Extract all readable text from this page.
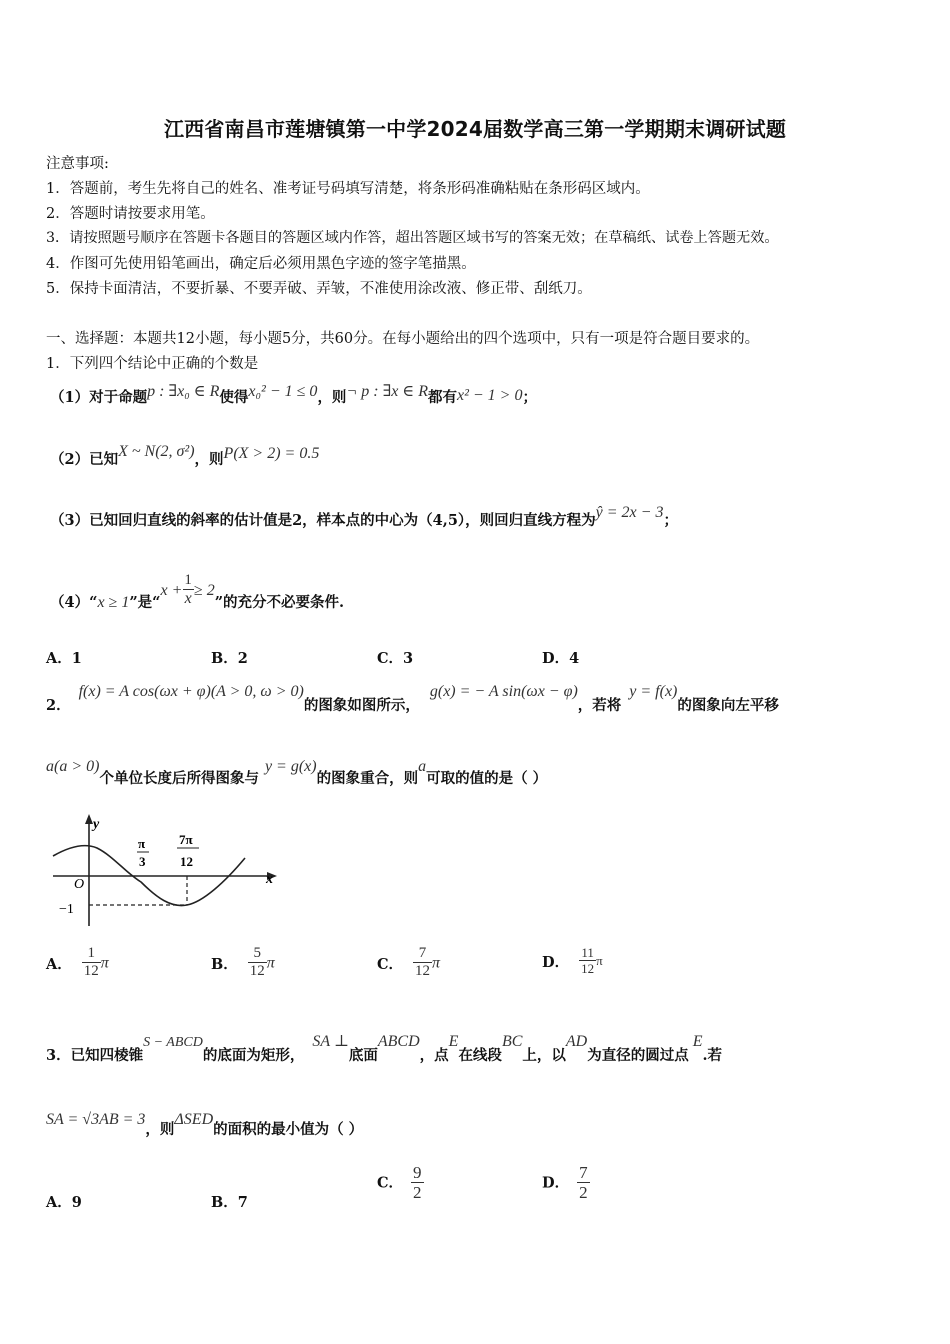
江西省南昌市莲塘镇第一中学2024届数学高三第一学期期末调研试题
注意事项:
1．答题前，考生先将自己的姓名、准考证号码填写清楚，将条形码准确粘贴在条形码区域内。
2．答题时请按要求用笔。
3．请按照题号顺序在答题卡各题目的答题区域内作答，超出答题区域书写的答案无效；在草稿纸、试卷上答题无效。
4．作图可先使用铅笔画出，确定后必须用黑色字迹的签字笔描黑。
5．保持卡面清洁，不要折暴、不要弄破、弄皱，不准使用涂改液、修正带、刮纸刀。
一、选择题：本题共12小题，每小题5分，共60分。在每小题给出的四个选项中，只有一项是符合题目要求的。
1．下列四个结论中正确的个数是
（1）对于命题p : ∃x₀ ∈ R使得x₀² − 1 ≤ 0，则¬ p : ∃x ∈ R都有x² − 1 > 0；
（2）已知X ~ N(2, σ²)，则P(X > 2) = 0.5
（3）已知回归直线的斜率的估计值是2，样本点的中心为（4,5），则回归直线方程为ŷ = 2x − 3；
（4）“x ≥ 1”是“$x + \frac{1}{x} \ge 2$”的充分不必要条件.
A．1	B．2	C．3	D．4
2．f(x) = A cos(ωx + φ)(A > 0, ω > 0)的图象如图所示，g(x) = − A sin(ωx − φ)，若将y = f(x)的图象向左平移
a(a > 0)个单位长度后所得图象与y = g(x)的图象重合，则a可取的值的是（ ）
y
x
O
−1
π
3
7π
12
A． $\frac{1}{12}$ π	B． $\frac{5}{12}$ π	C． $\frac{7}{12}$ π	D． $\frac{11}{12}$ π
3．已知四棱锥S − ABCD的底面为矩形，SA ⊥底面ABCD，点E在线段BC上，以AD为直径的圆过点E.若
SA = √3AB = 3，则ΔSED的面积的最小值为（ ）
A．9	B．7
C． $\frac{9}{2}$	D． $\frac{7}{2}$
